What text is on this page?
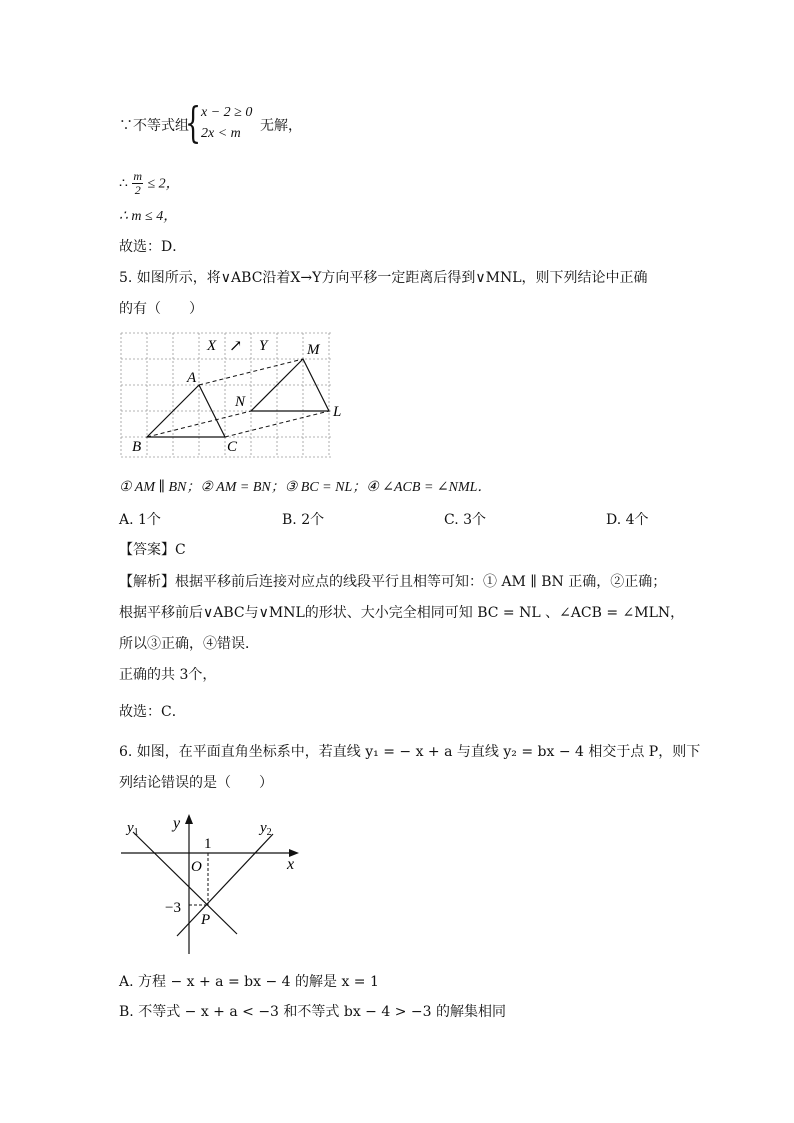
∵不等式组
{ x − 2 ≥ 0
2x < m 无解，
∴ $\frac{m}{2} \le 2$，
∴ m ≤ 4，
故选：D．
5. 如图所示，将∨ABC沿着X→Y方向平移一定距离后得到∨MNL，则下列结论中正确
的有（　　）
X ↗ Y
A
B	C
M
N
L
① AM ∥ BN；② AM = BN；③ BC = NL；④ ∠ACB = ∠NML．
A. 1个	B. 2个	C. 3个	D. 4个
【答案】C
【解析】根据平移前后连接对应点的线段平行且相等可知：① AM ∥ BN 正确，②正确；
根据平移前后∨ABC与∨MNL的形状、大小完全相同可知 BC = NL 、∠ACB = ∠MLN，
所以③正确，④错误．
正确的共 3个，
故选：C．
6. 如图，在平面直角坐标系中，若直线 y₁ = − x + a 与直线 y₂ = bx − 4 相交于点 P，则下
列结论错误的是（　　）
$y_1$	$y_2$
y
x
1
O
−3
P
A. 方程 − x + a = bx − 4 的解是 x = 1
B. 不等式 − x + a < −3 和不等式 bx − 4 > −3 的解集相同
